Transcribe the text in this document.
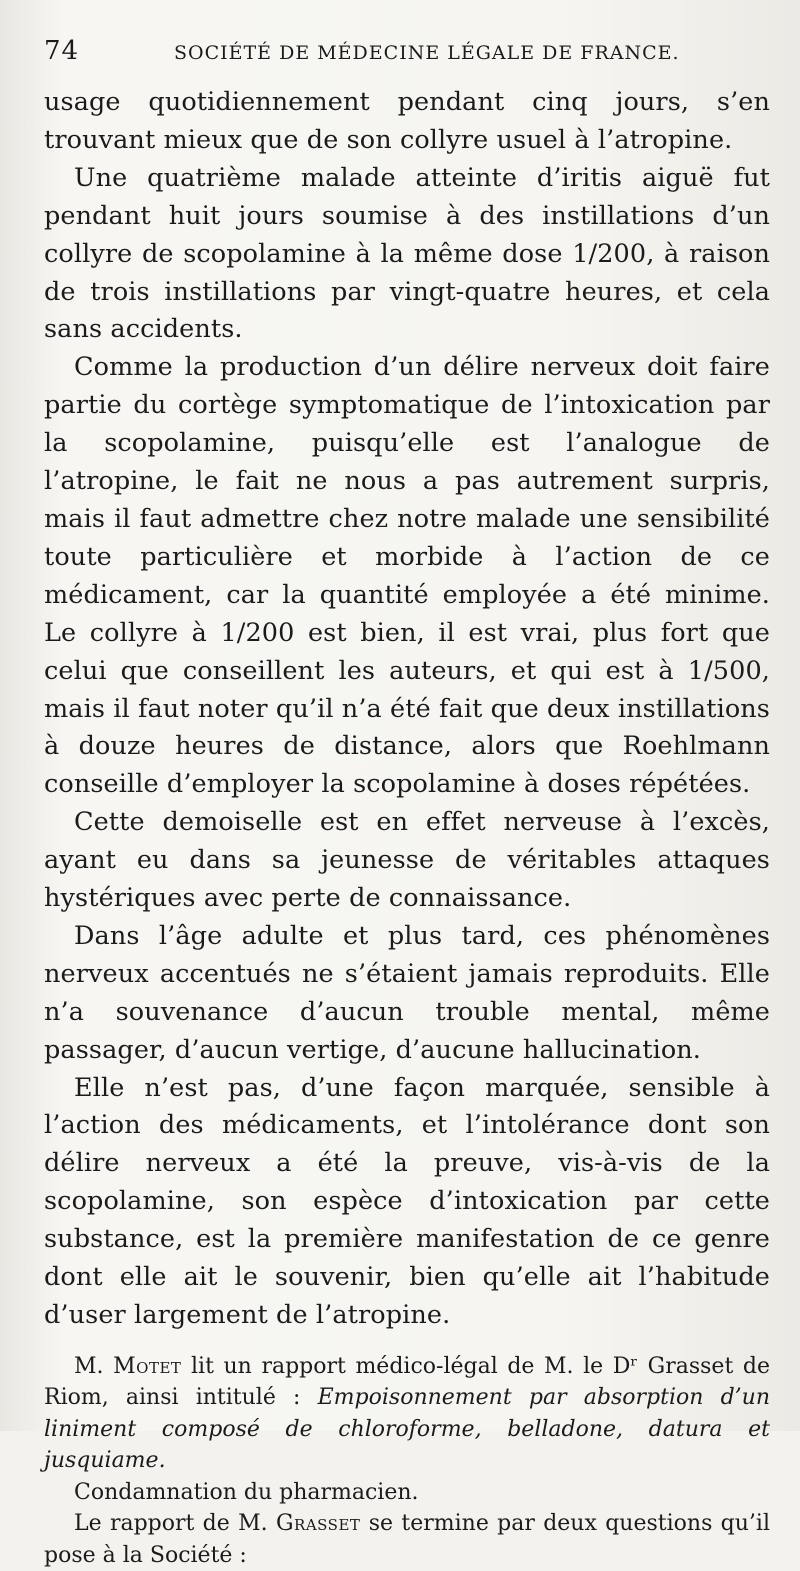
74	SOCIÉTÉ DE MÉDECINE LÉGALE DE FRANCE.

usage quotidiennement pendant cinq jours, s’en trouvant mieux que de son collyre usuel à l’atropine.

Une quatrième malade atteinte d’iritis aiguë fut pendant huit jours soumise à des instillations d’un collyre de scopolamine à la même dose 1/200, à raison de trois instillations par vingt-quatre heures, et cela sans accidents.

Comme la production d’un délire nerveux doit faire partie du cortège symptomatique de l’intoxication par la scopolamine, puisqu’elle est l’analogue de l’atropine, le fait ne nous a pas autrement surpris, mais il faut admettre chez notre malade une sensibilité toute particulière et morbide à l’action de ce médicament, car la quantité employée a été minime. Le collyre à 1/200 est bien, il est vrai, plus fort que celui que conseillent les auteurs, et qui est à 1/500, mais il faut noter qu’il n’a été fait que deux instillations à douze heures de distance, alors que Roehlmann conseille d’employer la scopolamine à doses répétées.

Cette demoiselle est en effet nerveuse à l’excès, ayant eu dans sa jeunesse de véritables attaques hystériques avec perte de connaissance.

Dans l’âge adulte et plus tard, ces phénomènes nerveux accentués ne s’étaient jamais reproduits. Elle n’a souvenance d’aucun trouble mental, même passager, d’aucun vertige, d’aucune hallucination.

Elle n’est pas, d’une façon marquée, sensible à l’action des médicaments, et l’intolérance dont son délire nerveux a été la preuve, vis-à-vis de la scopolamine, son espèce d’intoxication par cette substance, est la première manifestation de ce genre dont elle ait le souvenir, bien qu’elle ait l’habitude d’user largement de l’atropine.

M. Motet lit un rapport médico-légal de M. le Dʳ Grasset de Riom, ainsi intitulé : Empoisonnement par absorption d’un liniment composé de chloroforme, belladone, datura et jusquiame.

Condamnation du pharmacien.

Le rapport de M. Grasset se termine par deux questions qu’il pose à la Société :
